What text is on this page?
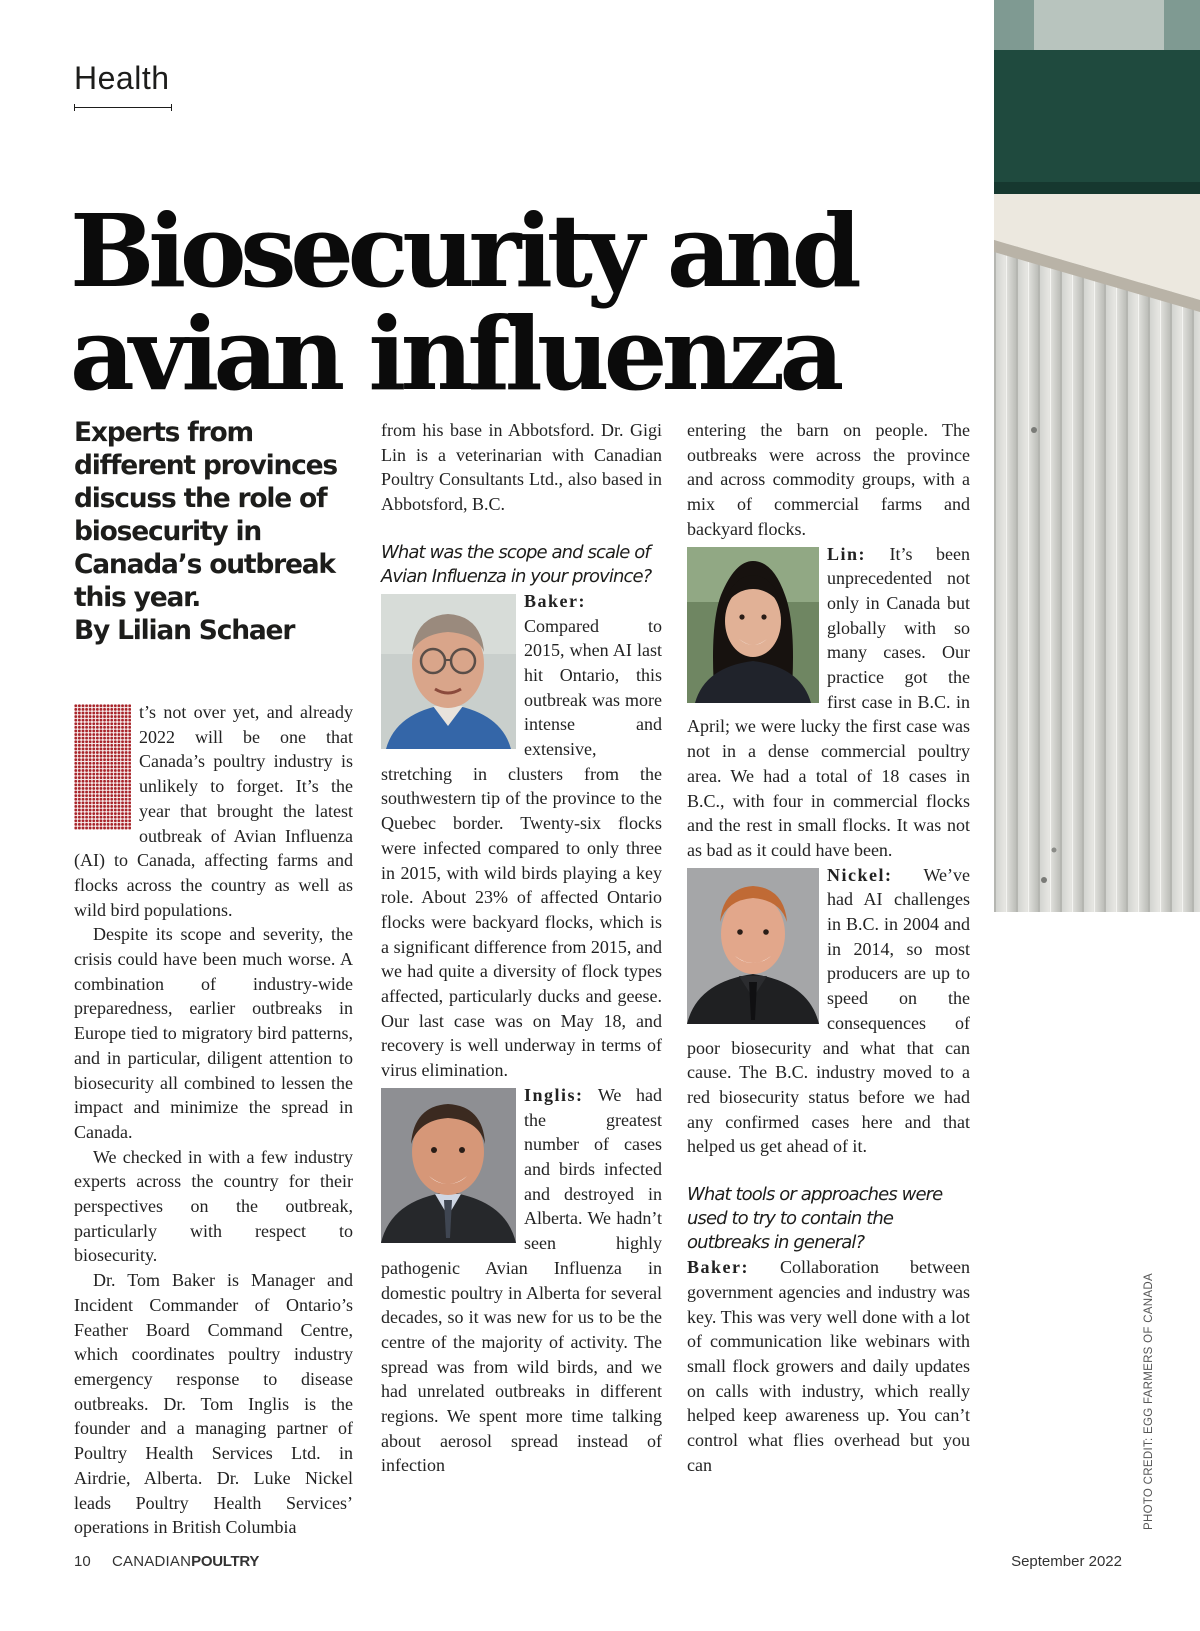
Health
Biosecurity and
avian influenza
Experts from different provinces discuss the role of biosecurity in Canada’s outbreak this year.
By Lilian Schaer

t’s not over yet, and already 2022 will be one that Canada’s poultry industry is unlikely to forget. It’s the year that brought the latest outbreak of Avian Influenza (AI) to Canada, affecting farms and flocks across the country as well as wild bird populations.

Despite its scope and severity, the crisis could have been much worse. A combination of industry-wide preparedness, earlier outbreaks in Europe tied to migratory bird patterns, and in particular, diligent attention to biosecurity all combined to lessen the impact and minimize the spread in Canada.

We checked in with a few industry experts across the country for their perspectives on the outbreak, particularly with respect to biosecurity.

Dr. Tom Baker is Manager and Incident Commander of Ontario’s Feather Board Command Centre, which coordinates poultry industry emergency response to disease outbreaks. Dr. Tom Inglis is the founder and a managing partner of Poultry Health Services Ltd. in Airdrie, Alberta. Dr. Luke Nickel leads Poultry Health Services’ operations in British Columbia

from his base in Abbotsford. Dr. Gigi Lin is a veterinarian with Canadian Poultry Consultants Ltd., also based in Abbotsford, B.C.

What was the scope and scale of Avian Influenza in your province?

Baker: Compared to 2015, when AI last hit Ontario, this outbreak was more intense and extensive, stretching in clusters from the southwestern tip of the province to the Quebec border. Twenty-six flocks were infected compared to only three in 2015, with wild birds playing a key role. About 23% of affected Ontario flocks were backyard flocks, which is a significant difference from 2015, and we had quite a diversity of flock types affected, particularly ducks and geese. Our last case was on May 18, and recovery is well underway in terms of virus elimination.

Inglis: We had the greatest number of cases and birds infected and destroyed in Alberta. We hadn’t seen highly pathogenic Avian Influenza in domestic poultry in Alberta for several decades, so it was new for us to be the centre of the majority of activity. The spread was from wild birds, and we had unrelated outbreaks in different regions. We spent more time talking about aerosol spread instead of infection

entering the barn on people. The outbreaks were across the province and across commodity groups, with a mix of commercial farms and backyard flocks.

Lin: It’s been unprecedented not only in Canada but globally with so many cases. Our practice got the first case in B.C. in April; we were lucky the first case was not in a dense commercial poultry area. We had a total of 18 cases in B.C., with four in commercial flocks and the rest in small flocks. It was not as bad as it could have been.

Nickel: We’ve had AI challenges in B.C. in 2004 and in 2014, so most producers are up to speed on the consequences of poor biosecurity and what that can cause. The B.C. industry moved to a red biosecurity status before we had any confirmed cases here and that helped us get ahead of it.

What tools or approaches were used to try to contain the outbreaks in general?

Baker: Collaboration between government agencies and industry was key. This was very well done with a lot of communication like webinars with small flock growers and daily updates on calls with industry, which really helped keep awareness up. You can’t control what flies overhead but you can	PHOTO CREDIT: EGG FARMERS OF CANADA
10 CANADIANPOULTRY	September 2022
